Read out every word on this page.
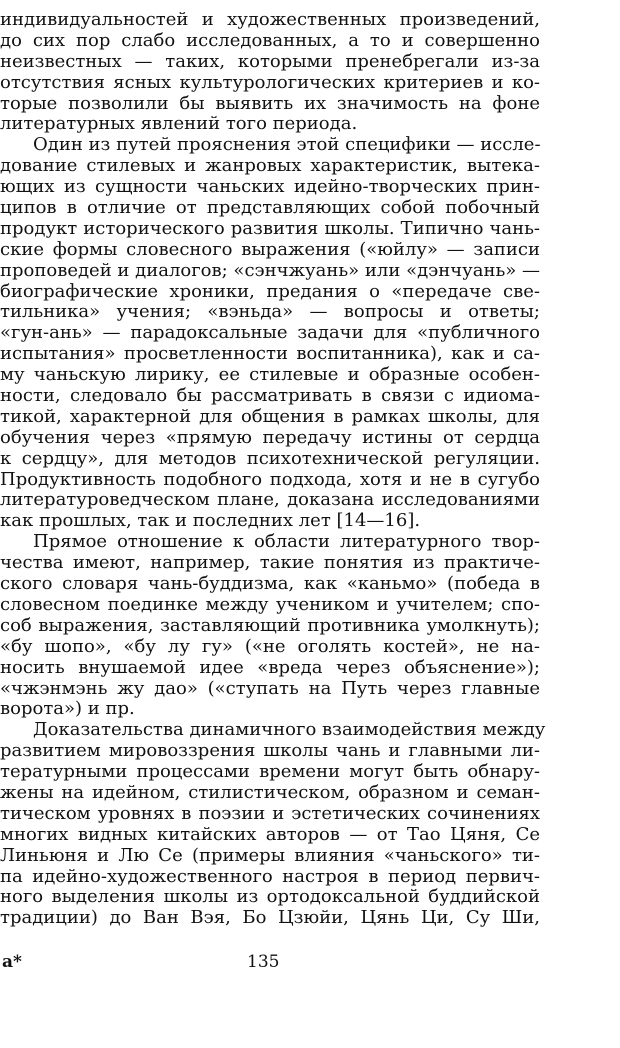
индивидуальностей и художественных произведений,
до сих пор слабо исследованных, а то и совершенно
неизвестных — таких, которыми пренебрегали из-за
отсутствия ясных культурологических критериев и ко-
торые позволили бы выявить их значимость на фоне
литературных явлений того периода.
Один из путей прояснения этой специфики — иссле-
дование стилевых и жанровых характеристик, вытека-
ющих из сущности чаньских идейно-творческих прин-
ципов в отличие от представляющих собой побочный
продукт исторического развития школы. Типично чань-
ские формы словесного выражения («юйлу» — записи
проповедей и диалогов; «сэнчжуань» или «дэнчуань» —
биографические хроники, предания о «передаче све-
тильника» учения; «вэньда» — вопросы и ответы;
«гун-ань» — парадоксальные задачи для «публичного
испытания» просветленности воспитанника), как и са-
му чаньскую лирику, ее стилевые и образные особен-
ности, следовало бы рассматривать в связи с идиома-
тикой, характерной для общения в рамках школы, для
обучения через «прямую передачу истины от сердца
к сердцу», для методов психотехнической регуляции.
Продуктивность подобного подхода, хотя и не в сугубо
литературоведческом плане, доказана исследованиями
как прошлых, так и последних лет [14—16].
Прямое отношение к области литературного твор-
чества имеют, например, такие понятия из практиче-
ского словаря чань-буддизма, как «каньмо» (победа в
словесном поединке между учеником и учителем; спо-
соб выражения, заставляющий противника умолкнуть);
«бу шопо», «бу лу гу» («не оголять костей», не на-
носить внушаемой идее «вреда через объяснение»);
«чжэнмэнь жу дао» («ступать на Путь через главные
ворота») и пр.
Доказательства динамичного взаимодействия между
развитием мировоззрения школы чань и главными ли-
тературными процессами времени могут быть обнару-
жены на идейном, стилистическом, образном и семан-
тическом уровнях в поэзии и эстетических сочинениях
многих видных китайских авторов — от Тао Цяня, Се
Линьюня и Лю Се (примеры влияния «чаньского» ти-
па идейно-художественного настроя в период первич-
ного выделения школы из ортодоксальной буддийской
традиции) до Ван Вэя, Бо Цзюйи, Цянь Ци, Су Ши,
а*	135
